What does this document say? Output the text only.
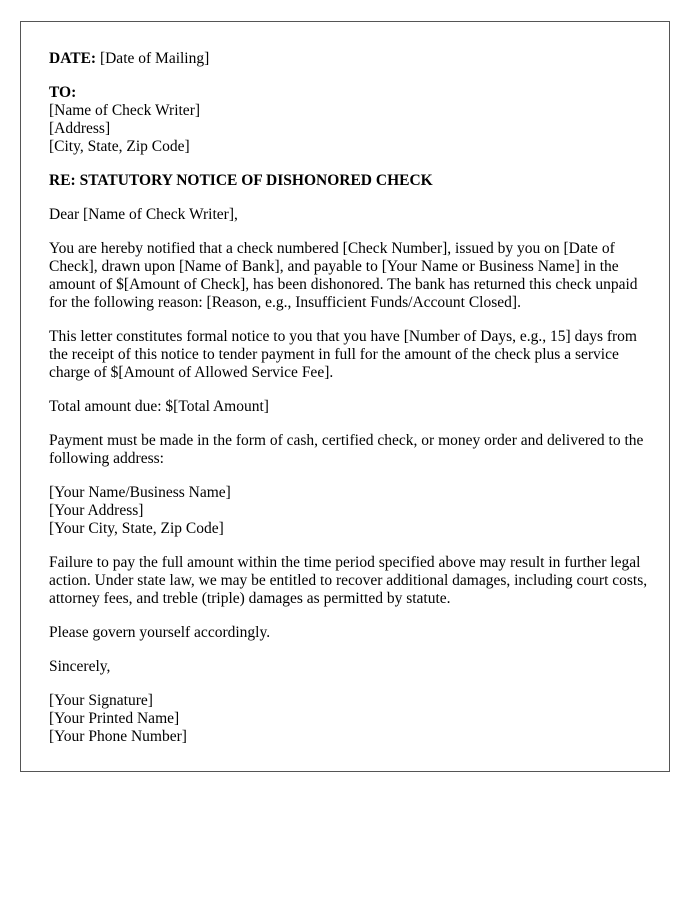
DATE: [Date of Mailing]

TO:
[Name of Check Writer]
[Address]
[City, State, Zip Code]

RE: STATUTORY NOTICE OF DISHONORED CHECK

Dear [Name of Check Writer],

You are hereby notified that a check numbered [Check Number], issued by you on [Date of Check], drawn upon [Name of Bank], and payable to [Your Name or Business Name] in the amount of $[Amount of Check], has been dishonored. The bank has returned this check unpaid for the following reason: [Reason, e.g., Insufficient Funds/Account Closed].

This letter constitutes formal notice to you that you have [Number of Days, e.g., 15] days from the receipt of this notice to tender payment in full for the amount of the check plus a service charge of $[Amount of Allowed Service Fee].

Total amount due: $[Total Amount]

Payment must be made in the form of cash, certified check, or money order and delivered to the following address:

[Your Name/Business Name]
[Your Address]
[Your City, State, Zip Code]

Failure to pay the full amount within the time period specified above may result in further legal action. Under state law, we may be entitled to recover additional damages, including court costs, attorney fees, and treble (triple) damages as permitted by statute.

Please govern yourself accordingly.

Sincerely,

[Your Signature]
[Your Printed Name]
[Your Phone Number]
